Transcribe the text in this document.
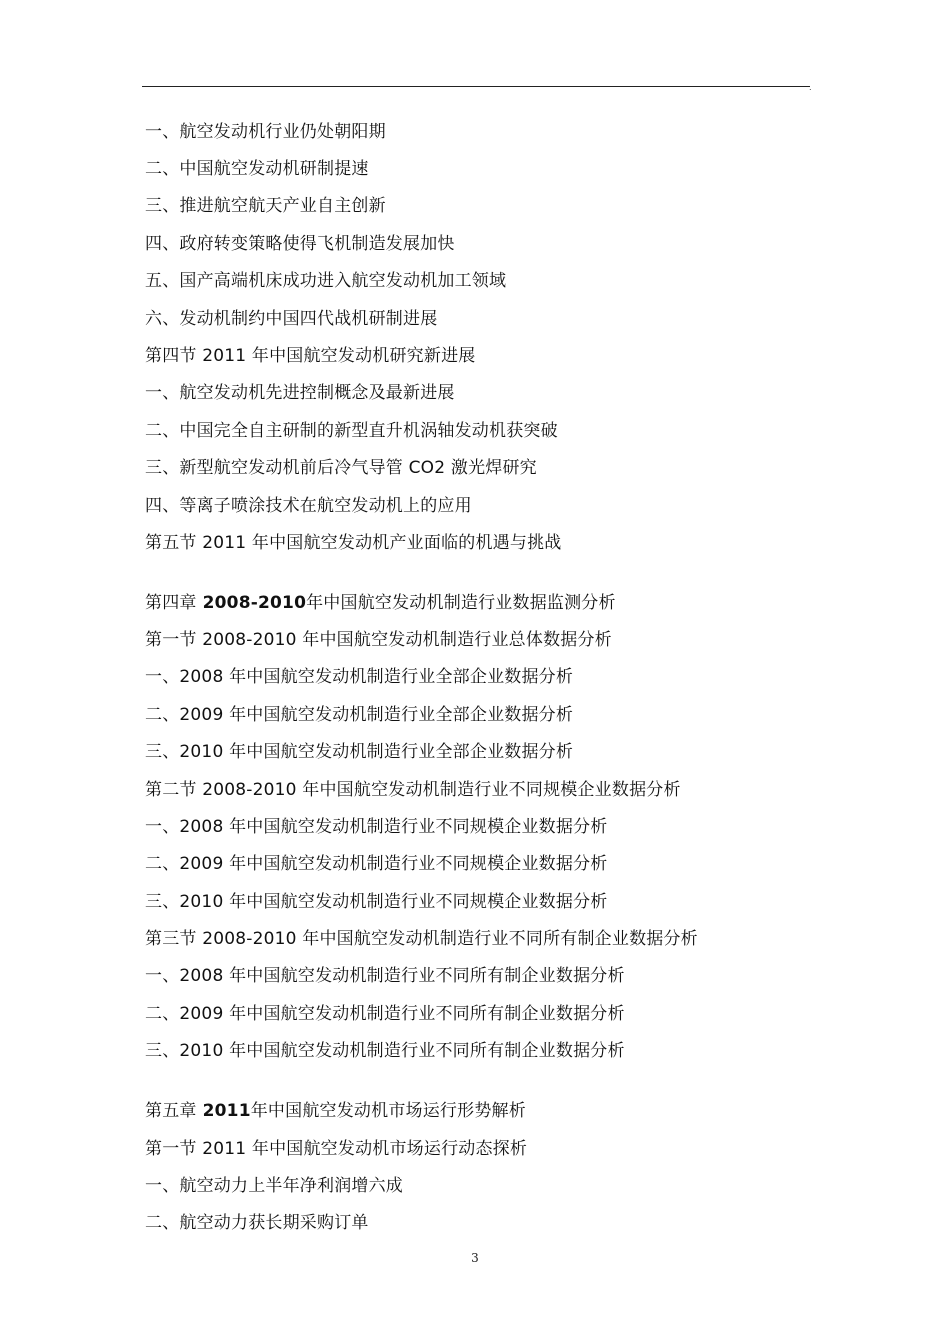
.
一、航空发动机行业仍处朝阳期
二、中国航空发动机研制提速
三、推进航空航天产业自主创新
四、政府转变策略使得飞机制造发展加快
五、国产高端机床成功进入航空发动机加工领域
六、发动机制约中国四代战机研制进展
第四节 2011 年中国航空发动机研究新进展
一、航空发动机先进控制概念及最新进展
二、中国完全自主研制的新型直升机涡轴发动机获突破
三、新型航空发动机前后冷气导管 CO2 激光焊研究
四、等离子喷涂技术在航空发动机上的应用
第五节 2011 年中国航空发动机产业面临的机遇与挑战
第四章 2008-2010年中国航空发动机制造行业数据监测分析
第一节 2008-2010 年中国航空发动机制造行业总体数据分析
一、2008 年中国航空发动机制造行业全部企业数据分析
二、2009 年中国航空发动机制造行业全部企业数据分析
三、2010 年中国航空发动机制造行业全部企业数据分析
第二节 2008-2010 年中国航空发动机制造行业不同规模企业数据分析
一、2008 年中国航空发动机制造行业不同规模企业数据分析
二、2009 年中国航空发动机制造行业不同规模企业数据分析
三、2010 年中国航空发动机制造行业不同规模企业数据分析
第三节 2008-2010 年中国航空发动机制造行业不同所有制企业数据分析
一、2008 年中国航空发动机制造行业不同所有制企业数据分析
二、2009 年中国航空发动机制造行业不同所有制企业数据分析
三、2010 年中国航空发动机制造行业不同所有制企业数据分析
第五章 2011年中国航空发动机市场运行形势解析
第一节 2011 年中国航空发动机市场运行动态探析
一、航空动力上半年净利润增六成
二、航空动力获长期采购订单
3
